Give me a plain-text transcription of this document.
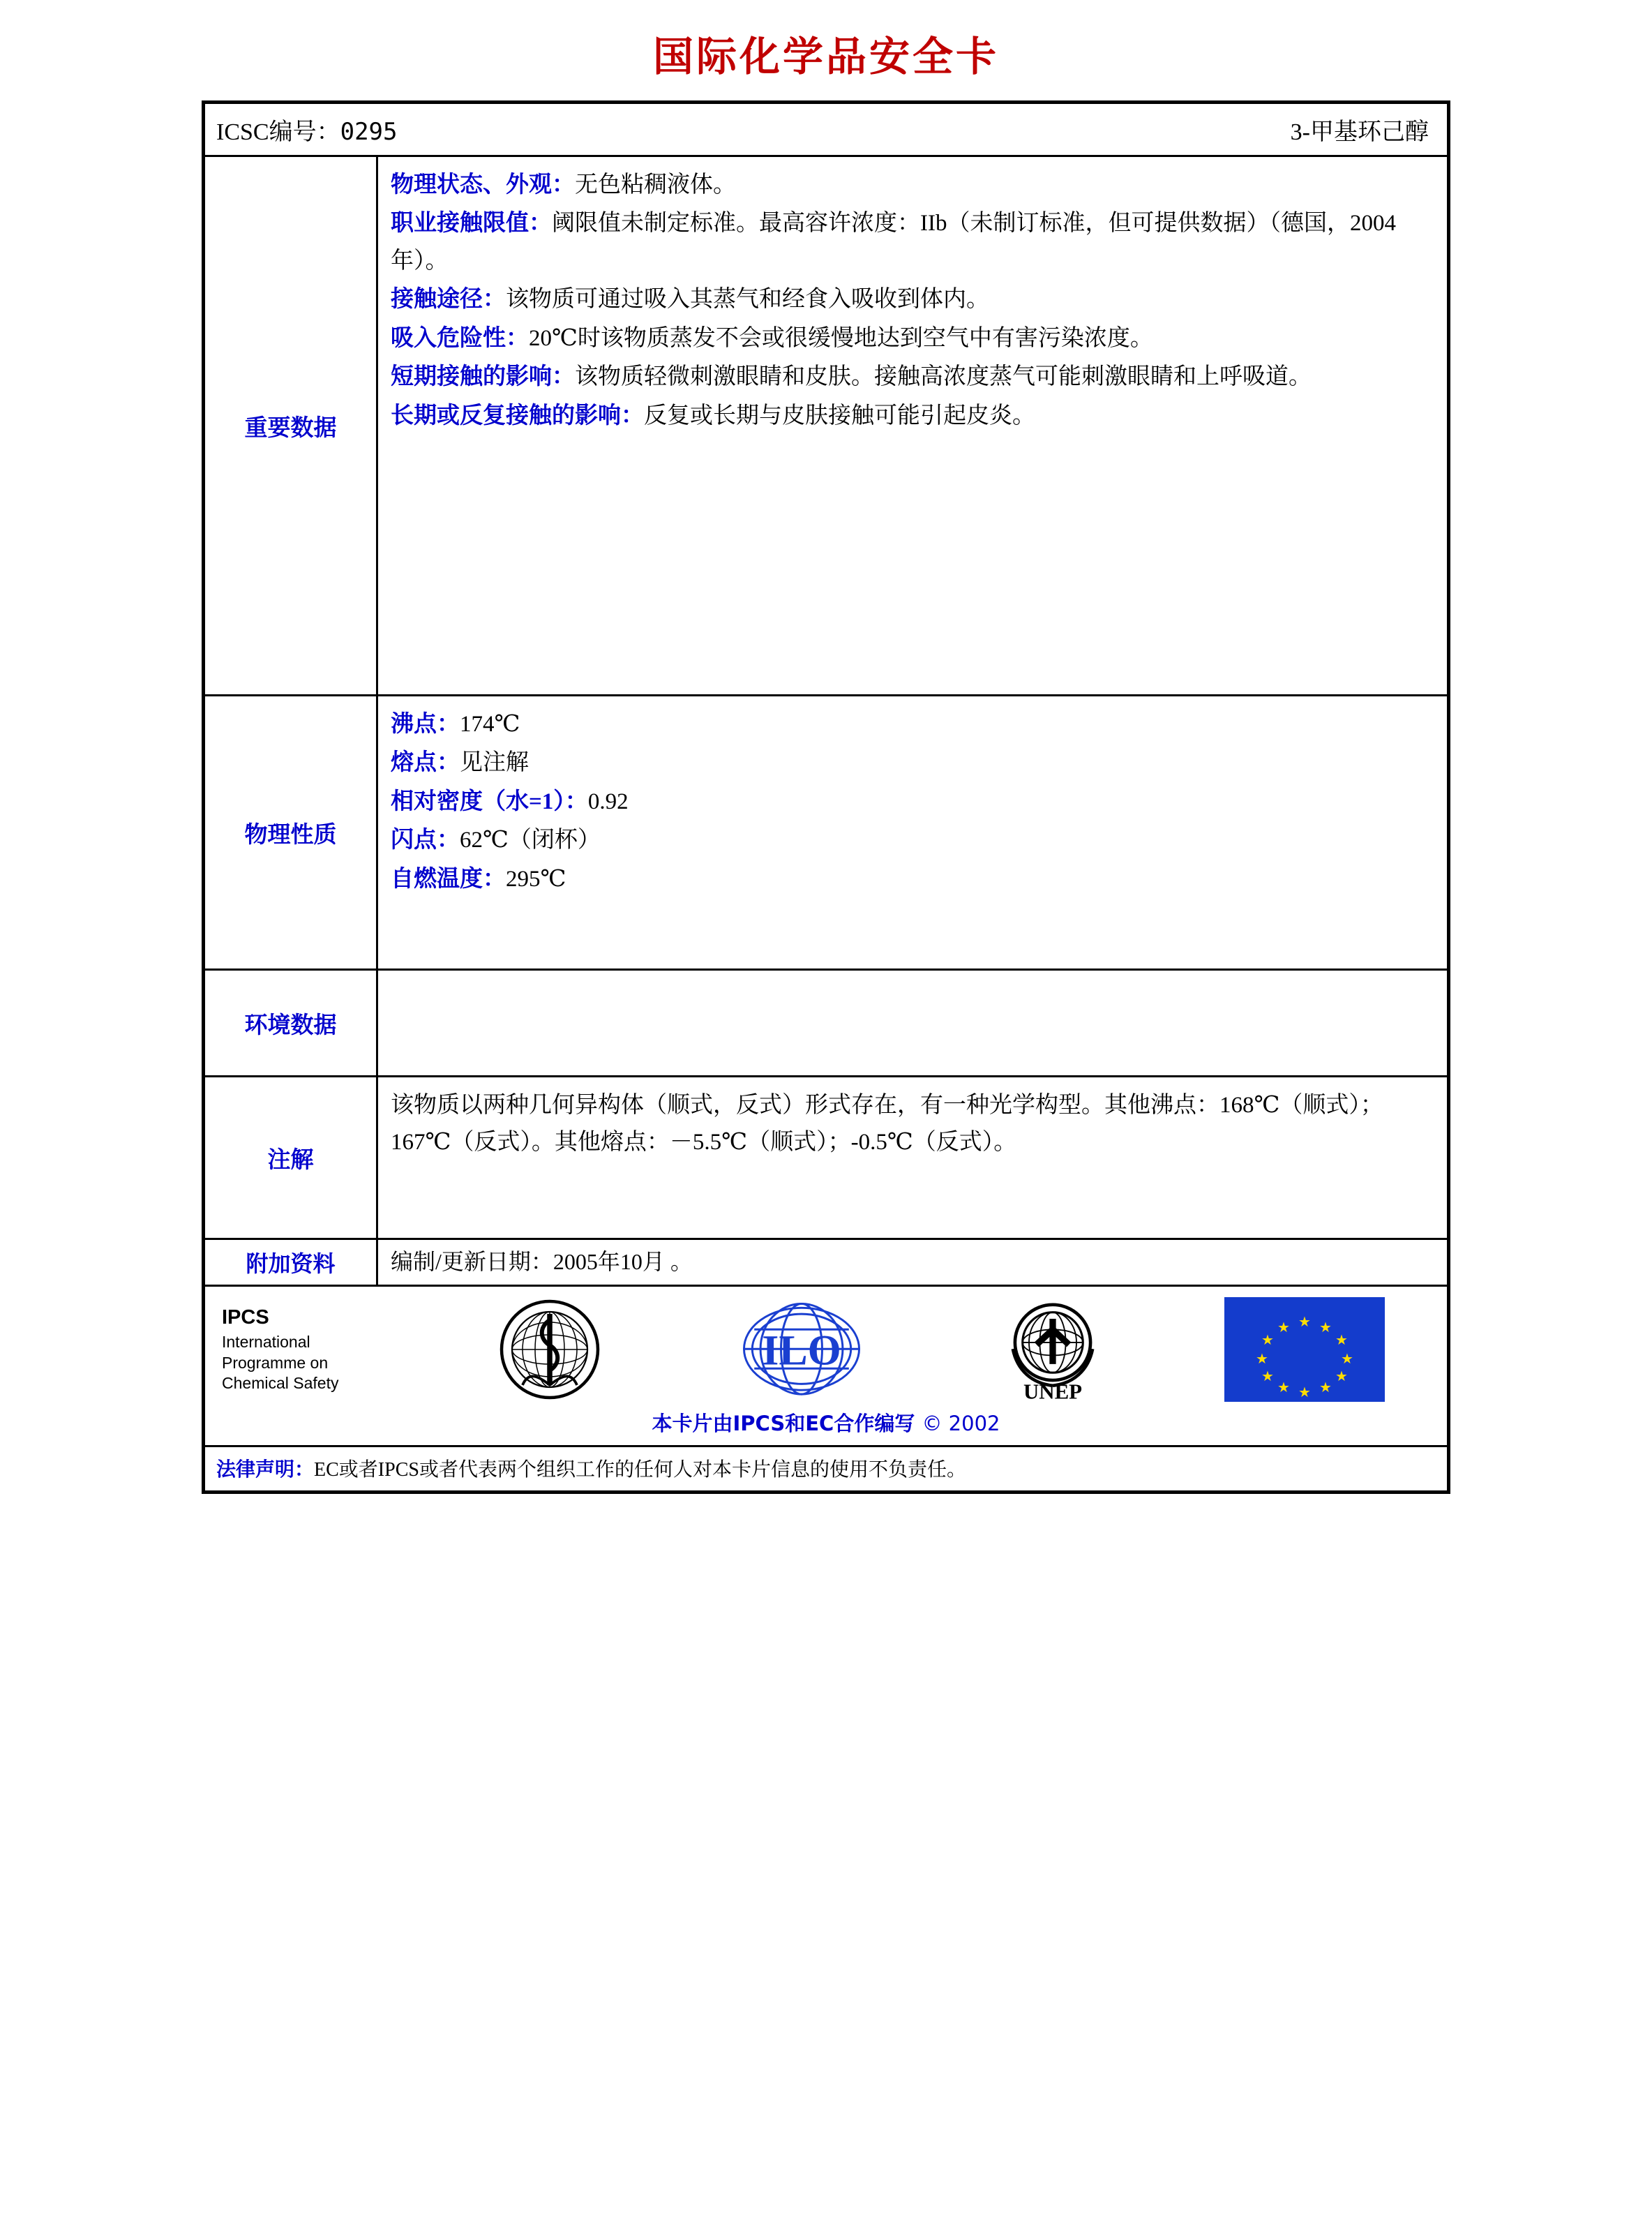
国际化学品安全卡
ICSC编号：0295	3-甲基环己醇
重要数据

物理状态、外观：无色粘稠液体。

职业接触限值：阈限值未制定标准。最高容许浓度：IIb（未制订标准，但可提供数据）（德国，2004年）。

接触途径：该物质可通过吸入其蒸气和经食入吸收到体内。

吸入危险性：20℃时该物质蒸发不会或很缓慢地达到空气中有害污染浓度。

短期接触的影响：该物质轻微刺激眼睛和皮肤。接触高浓度蒸气可能刺激眼睛和上呼吸道。

长期或反复接触的影响：反复或长期与皮肤接触可能引起皮炎。

物理性质

沸点：174℃

熔点：见注解

相对密度（水=1）：0.92

闪点：62℃（闭杯）

自燃温度：295℃

环境数据
注解

该物质以两种几何异构体（顺式，反式）形式存在，有一种光学构型。其他沸点：168℃（顺式）；167℃（反式）。其他熔点：－5.5℃（顺式）；-0.5℃（反式）。

附加资料	编制/更新日期：2005年10月 。
IPCS
International
Programme on
Chemical Safety
ILO
UNEP
★ ★
★
★
★
★
★
★
★
★
★
★
本卡片由IPCS和EC合作编写 © 2002
法律声明：EC或者IPCS或者代表两个组织工作的任何人对本卡片信息的使用不负责任。
